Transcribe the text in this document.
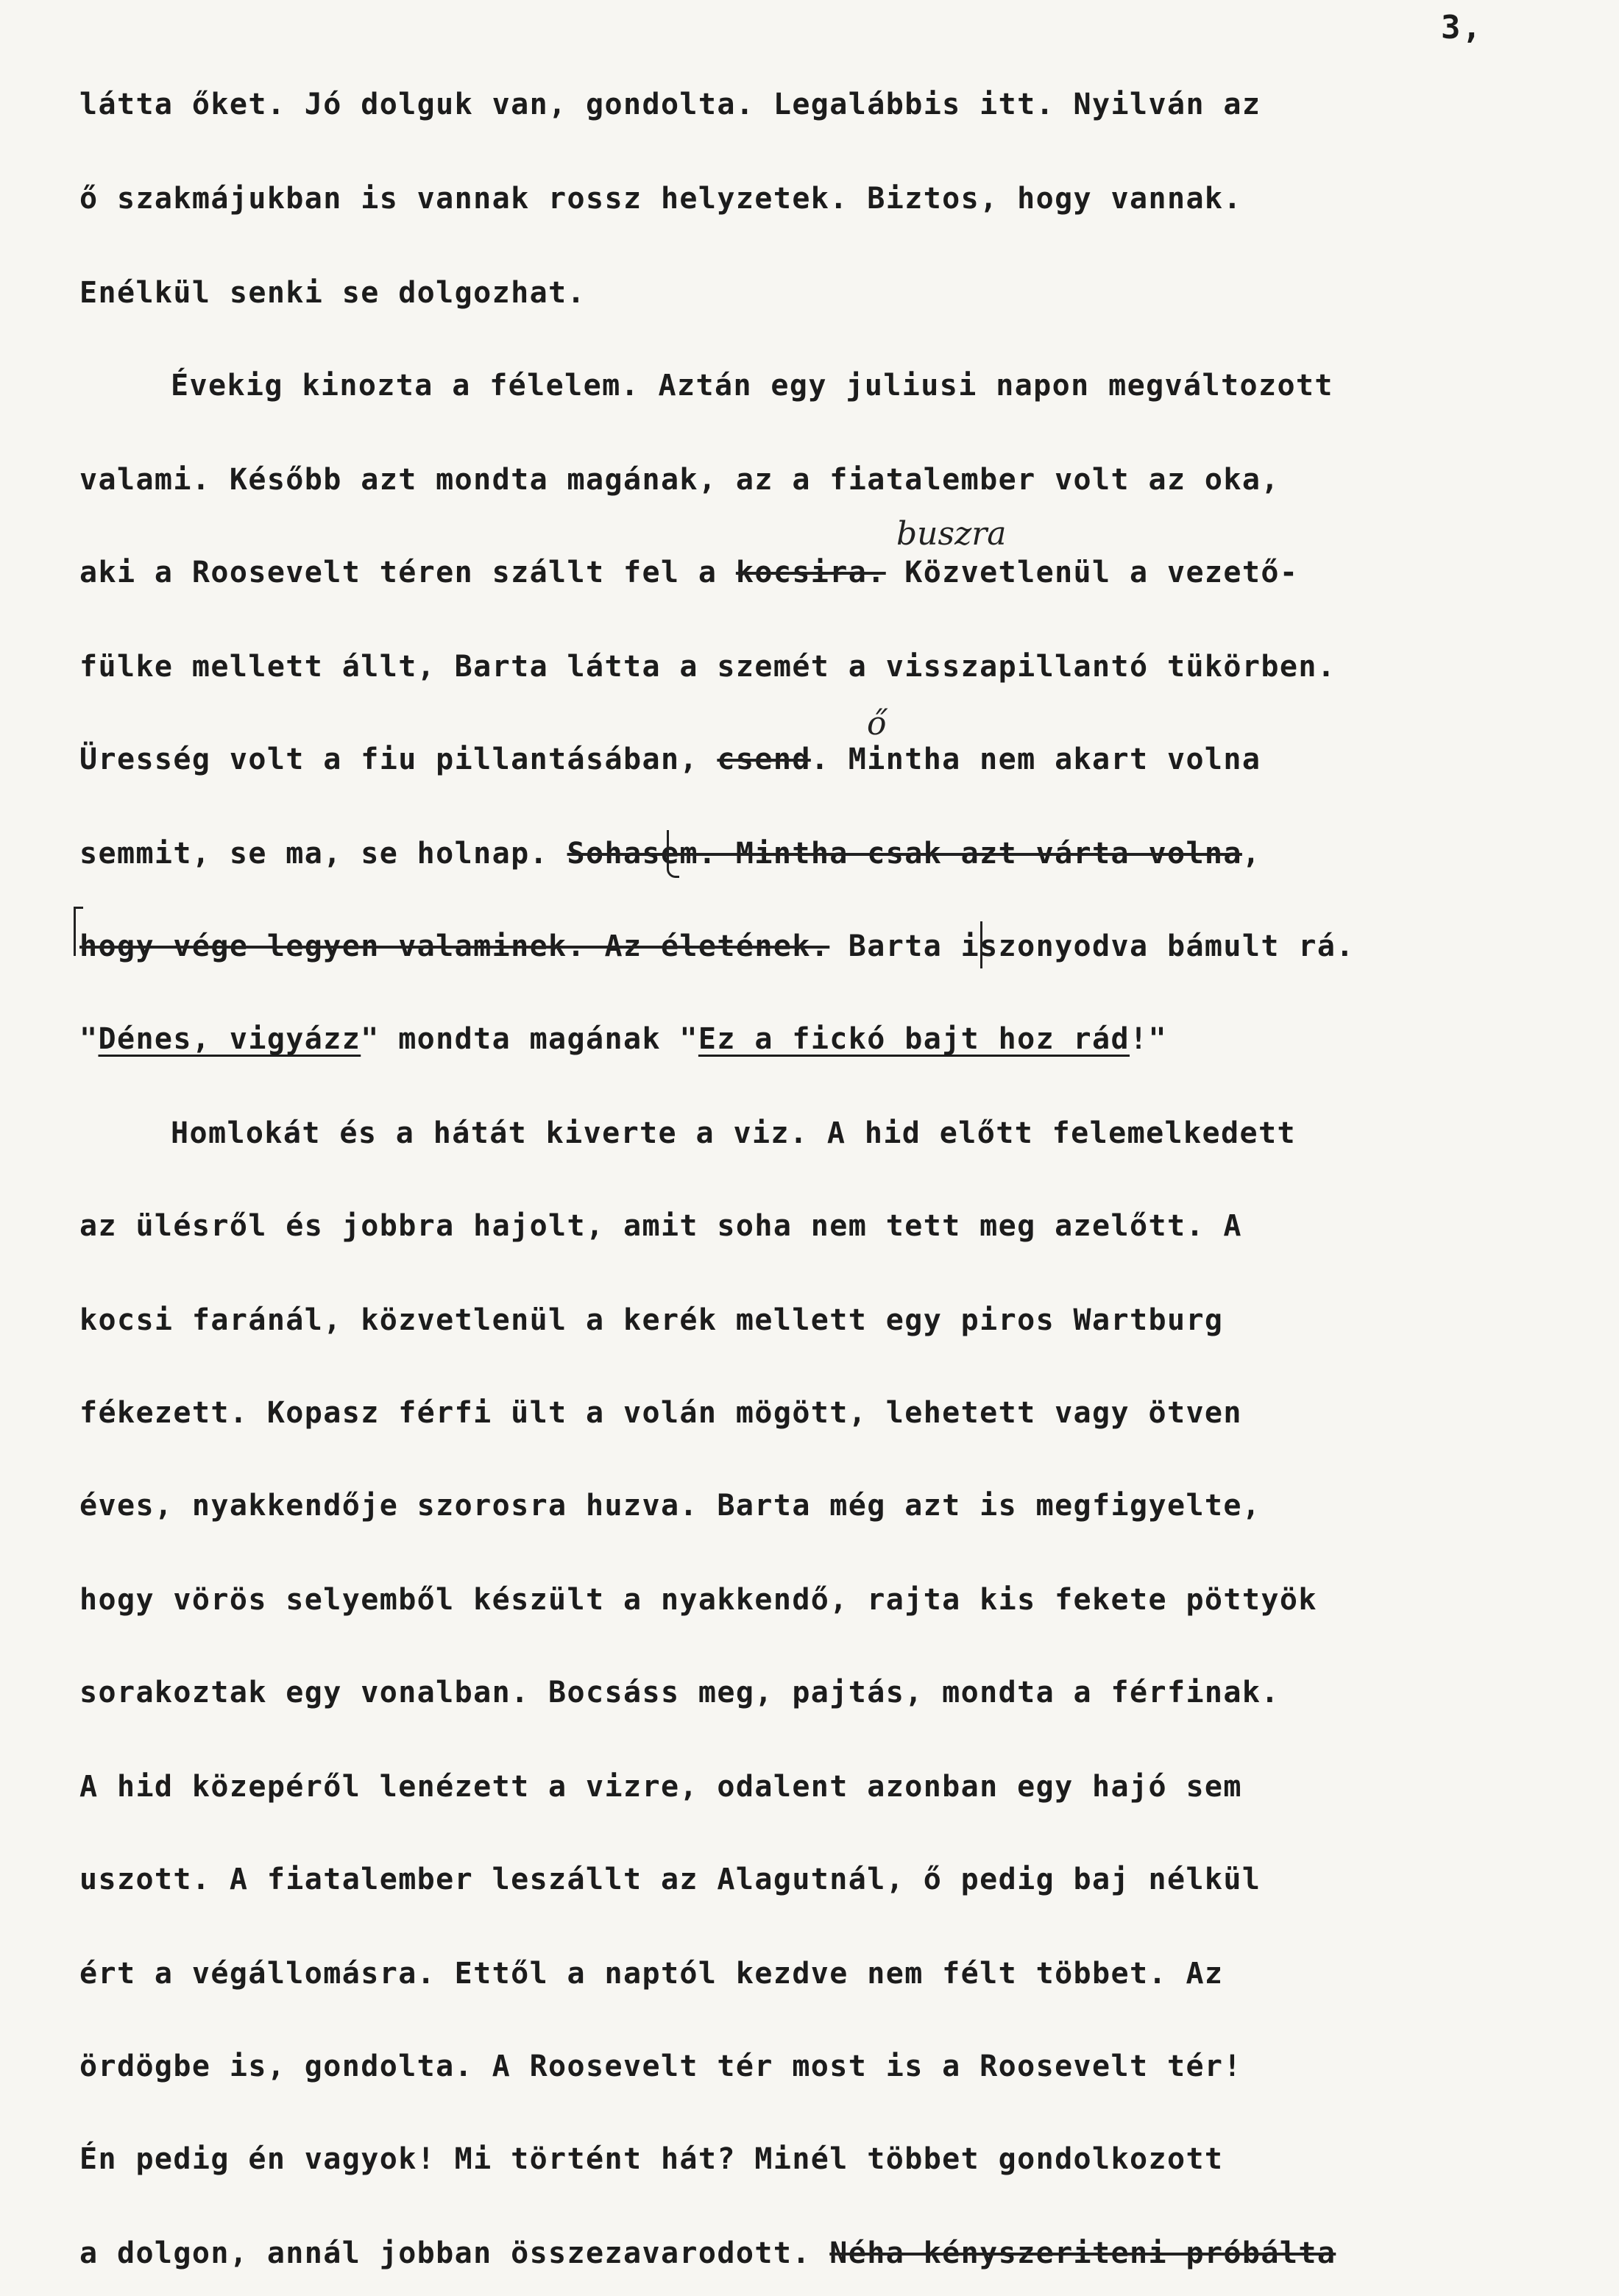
3,
látta őket. Jó dolguk van, gondolta. Legalábbis itt. Nyilván az
ő szakmájukban is vannak rossz helyzetek. Biztos, hogy vannak.
Enélkül senki se dolgozhat.
Évekig kinozta a félelem. Aztán egy juliusi napon megváltozott
valami. Később azt mondta magának, az a fiatalember volt az oka,
aki a Roosevelt téren szállt fel a kocsira. Közvetlenül a vezető-
buszra
fülke mellett állt, Barta látta a szemét a visszapillantó tükörben.
Üresség volt a fiu pillantásában, csend. Mintha nem akart volna
ő
semmit, se ma, se holnap. Sohasem. Mintha csak azt várta volna,
hogy vége legyen valaminek. Az életének. Barta iszonyodva bámult rá.
"Dénes, vigyázz" mondta magának "Ez a fickó bajt hoz rád!"
Homlokát és a hátát kiverte a viz. A hid előtt felemelkedett
az ülésről és jobbra hajolt, amit soha nem tett meg azelőtt. A
kocsi faránál, közvetlenül a kerék mellett egy piros Wartburg
fékezett. Kopasz férfi ült a volán mögött, lehetett vagy ötven
éves, nyakkendője szorosra huzva. Barta még azt is megfigyelte,
hogy vörös selyemből készült a nyakkendő, rajta kis fekete pöttyök
sorakoztak egy vonalban. Bocsáss meg, pajtás, mondta a férfinak.
A hid közepéről lenézett a vizre, odalent azonban egy hajó sem
uszott. A fiatalember leszállt az Alagutnál, ő pedig baj nélkül
ért a végállomásra. Ettől a naptól kezdve nem félt többet. Az
ördögbe is, gondolta. A Roosevelt tér most is a Roosevelt tér!
Én pedig én vagyok! Mi történt hát? Minél többet gondolkozott
a dolgon, annál jobban összezavarodott. Néha kényszeriteni próbálta
